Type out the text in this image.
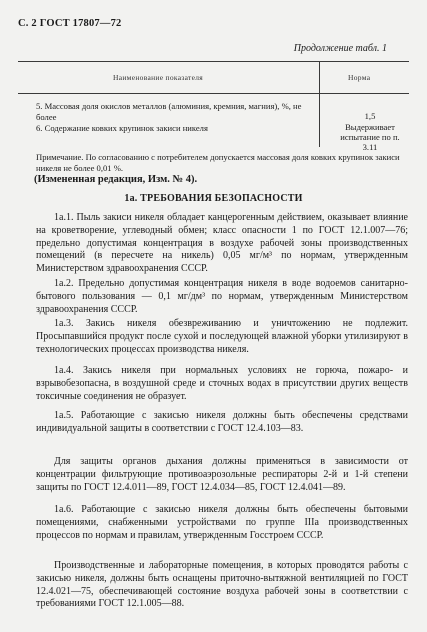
С. 2 ГОСТ 17807—72
Продолжение табл. 1
Наименование показателя	Норма
5. Массовая доля окислов металлов (алюминия, кремния, магния), %, не более	1,5
6. Содержание ковких крупинок закиси никеля	Выдерживает испытание по п. 3.11
Примечание. По согласованию с потребителем допускается массовая доля ковких крупинок закиси никеля не более 0,01 %.
(Измененная редакция, Изм. № 4).
1а. ТРЕБОВАНИЯ БЕЗОПАСНОСТИ
1а.1. Пыль закиси никеля обладает канцерогенным действием, оказывает влияние на кроветворение, углеводный обмен; класс опасности 1 по ГОСТ 12.1.007—76; предельно допустимая концентрация в воздухе рабочей зоны производственных помещений (в пересчете на никель) 0,05 мг/м³ по нормам, утвержденным Министерством здравоохранения СССР.
1а.2. Предельно допустимая концентрация никеля в воде водоемов санитарно-бытового пользования — 0,1 мг/дм³ по нормам, утвержденным Министерством здравоохранения СССР.
1а.3. Закись никеля обезвреживанию и уничтожению не подлежит. Просыпавшийся продукт после сухой и последующей влажной уборки утилизируют в технологических процессах производства никеля.
1а.4. Закись никеля при нормальных условиях не горюча, пожаро- и взрывобезопасна, в воздушной среде и сточных водах в присутствии других веществ токсичные соединения не образует.
1а.5. Работающие с закисью никеля должны быть обеспечены средствами индивидуальной защиты в соответствии с ГОСТ 12.4.103—83.
Для защиты органов дыхания должны применяться в зависимости от концентрации фильтрующие противоаэрозольные респираторы 2-й и 1-й степени защиты по ГОСТ 12.4.011—89, ГОСТ 12.4.034—85, ГОСТ 12.4.041—89.
1а.6. Работающие с закисью никеля должны быть обеспечены бытовыми помещениями, снабженными устройствами по группе IIIа производственных процессов по нормам и правилам, утвержденным Госстроем СССР.
Производственные и лабораторные помещения, в которых проводятся работы с закисью никеля, должны быть оснащены приточно-вытяжной вентиляцией по ГОСТ 12.4.021—75, обеспечивающей состояние воздуха рабочей зоны в соответствии с требованиями ГОСТ 12.1.005—88.
